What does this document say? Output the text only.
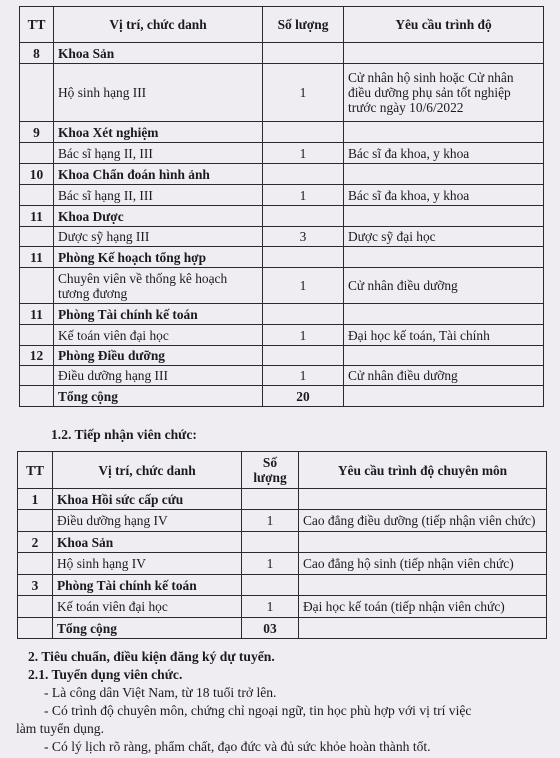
TT	Vị trí, chức danh	Số lượng	Yêu cầu trình độ
8	Khoa Sản		
	Hộ sinh hạng III	1	Cử nhân hộ sinh hoặc Cử nhân điều dưỡng phụ sản tốt nghiệp trước ngày 10/6/2022
9	Khoa Xét nghiệm		
	Bác sĩ hạng II, III	1	Bác sĩ đa khoa, y khoa
10	Khoa Chẩn đoán hình ảnh		
	Bác sĩ hạng II, III	1	Bác sĩ đa khoa, y khoa
11	Khoa Dược		
	Dược sỹ hạng III	3	Dược sỹ đại học
11	Phòng Kế hoạch tổng hợp		
	Chuyên viên về thống kê hoạch tương đương	1	Cử nhân điều dưỡng
11	Phòng Tài chính kế toán		
	Kế toán viên đại học	1	Đại học kế toán, Tài chính
12	Phòng Điều dưỡng		
	Điều dưỡng hạng III	1	Cử nhân điều dưỡng
	Tổng cộng	20	
1.2. Tiếp nhận viên chức:
TT	Vị trí, chức danh	Số lượng	Yêu cầu trình độ chuyên môn
1	Khoa Hồi sức cấp cứu		
	Điều dưỡng hạng IV	1	Cao đẳng điều dưỡng (tiếp nhận viên chức)
2	Khoa Sản		
	Hộ sinh hạng IV	1	Cao đẳng hộ sinh (tiếp nhận viên chức)
3	Phòng Tài chính kế toán		
	Kế toán viên đại học	1	Đại học kế toán (tiếp nhận viên chức)
	Tổng cộng	03	
2. Tiêu chuẩn, điều kiện đăng ký dự tuyển.
2.1. Tuyển dụng viên chức.
- Là công dân Việt Nam, từ 18 tuổi trở lên.
- Có trình độ chuyên môn, chứng chỉ ngoại ngữ, tin học phù hợp với vị trí việc
làm tuyển dụng.
- Có lý lịch rõ ràng, phẩm chất, đạo đức và đủ sức khỏe hoàn thành tốt.
